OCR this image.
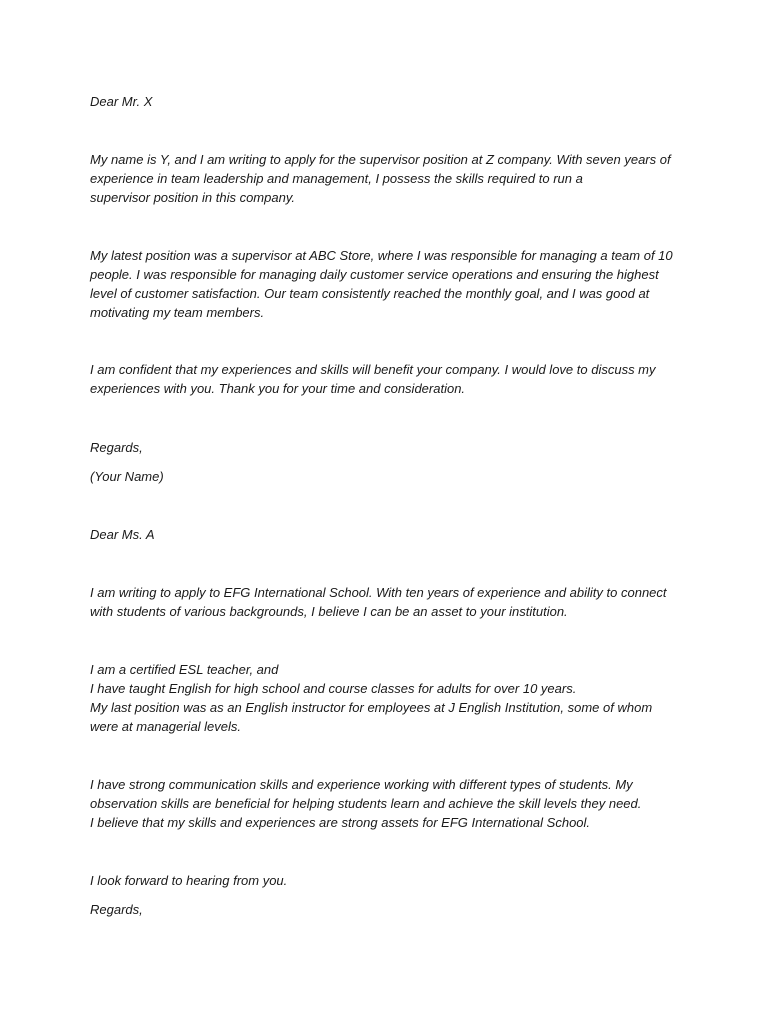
Dear Mr. X
My name is Y, and I am writing to apply for the supervisor position at Z company. With seven years of
experience in team leadership and management, I possess the skills required to run a
supervisor position in this company.
My latest position was a supervisor at ABC Store, where I was responsible for managing a team of 10
people. I was responsible for managing daily customer service operations and ensuring the highest
level of customer satisfaction. Our team consistently reached the monthly goal, and I was good at
motivating my team members.
I am confident that my experiences and skills will benefit your company. I would love to discuss my
experiences with you. Thank you for your time and consideration.
Regards,
(Your Name)
Dear Ms. A
I am writing to apply to EFG International School. With ten years of experience and ability to connect
with students of various backgrounds, I believe I can be an asset to your institution.
I am a certified ESL teacher, and
I have taught English for high school and course classes for adults for over 10 years.
My last position was as an English instructor for employees at J English Institution, some of whom
were at managerial levels.
I have strong communication skills and experience working with different types of students. My
observation skills are beneficial for helping students learn and achieve the skill levels they need.
I believe that my skills and experiences are strong assets for EFG International School.
I look forward to hearing from you.
Regards,
